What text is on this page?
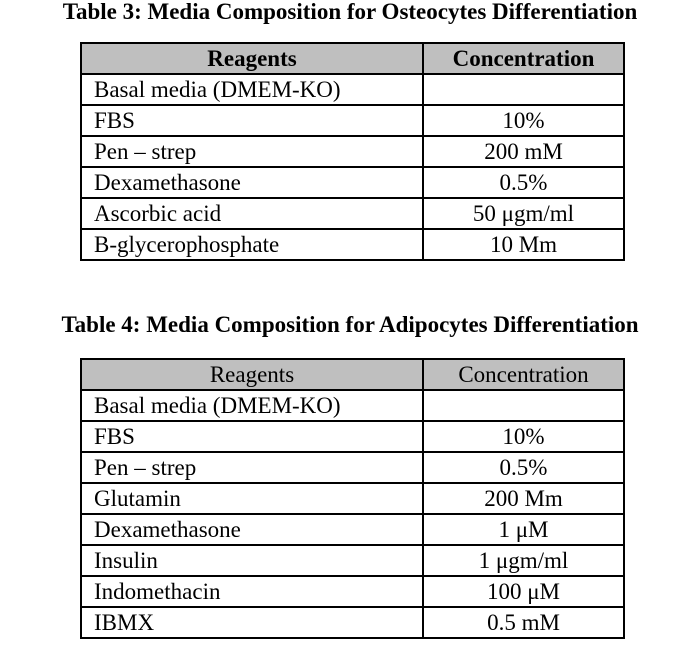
Table 3: Media Composition for Osteocytes Differentiation
Reagents	Concentration
Basal media (DMEM-KO)	
FBS	10%
Pen – strep	200 mM
Dexamethasone	0.5%
Ascorbic acid	50 μgm/ml
B-glycerophosphate	10 Mm
Table 4: Media Composition for Adipocytes Differentiation
Reagents	Concentration
Basal media (DMEM-KO)	
FBS	10%
Pen – strep	0.5%
Glutamin	200 Mm
Dexamethasone	1 μM
Insulin	1 μgm/ml
Indomethacin	100 μM
IBMX	0.5 mM
